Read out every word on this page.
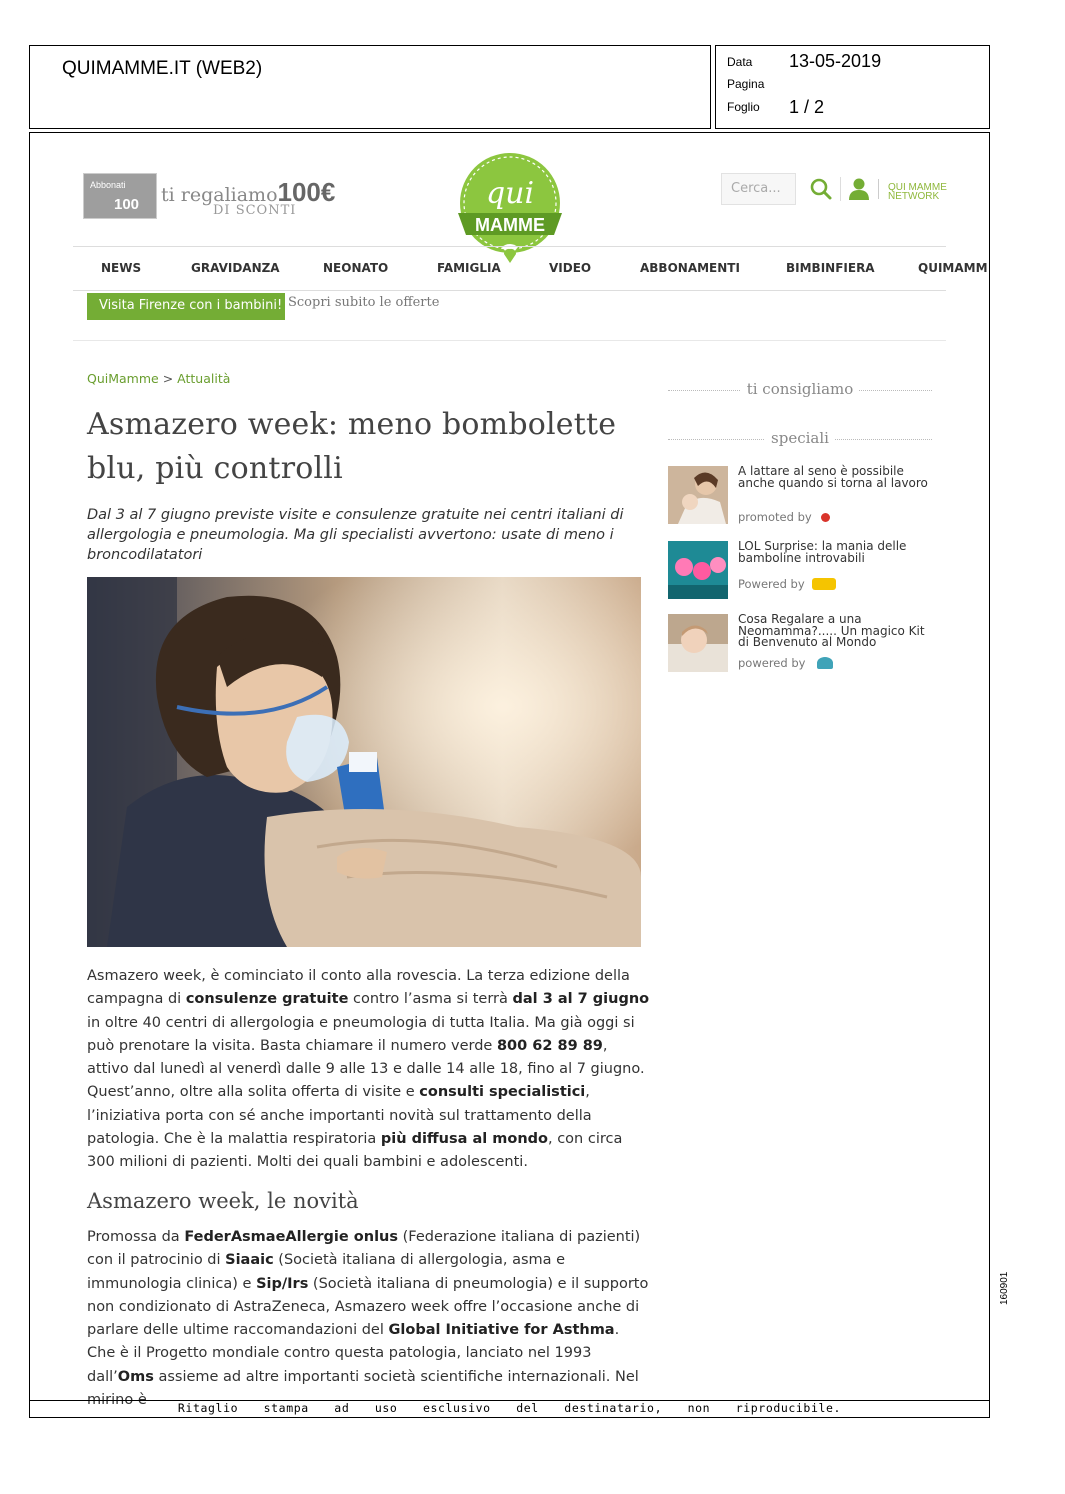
QUIMAMME.IT (WEB2)	Data 13-05-2019
Pagina
Foglio 1 / 2
160901
Abbonati
100 ti regaliamo100€
DI SCONTI	qui
MAMME
Cerca...	QUI MAMME
NETWORK
NEWS	GRAVIDANZA	NEONATO	FAMIGLIA	VIDEO	ABBONAMENTI	BIMBINFIERA	QUIMAMM
Visita Firenze con i bambini! Scopri subito le offerte
QuiMamme > Attualità
Asmazero week: meno bombolette blu, più controlli

Dal 3 al 7 giugno previste visite e consulenze gratuite nei centri italiani di allergologia e pneumologia. Ma gli specialisti avvertono: usate di meno i broncodilatatori

Asmazero week, è cominciato il conto alla rovescia. La terza edizione della campagna di consulenze gratuite contro l’asma si terrà dal 3 al 7 giugno in oltre 40 centri di allergologia e pneumologia di tutta Italia. Ma già oggi si può prenotare la visita. Basta chiamare il numero verde 800 62 89 89, attivo dal lunedì al venerdì dalle 9 alle 13 e dalle 14 alle 18, fino al 7 giugno. Quest’anno, oltre alla solita offerta di visite e consulti specialistici, l’iniziativa porta con sé anche importanti novità sul trattamento della patologia. Che è la malattia respiratoria più diffusa al mondo, con circa 300 milioni di pazienti. Molti dei quali bambini e adolescenti.

Asmazero week, le novità

Promossa da FederAsmaeAllergie onlus (Federazione italiana di pazienti) con il patrocinio di Siaaic (Società italiana di allergologia, asma e immunologia clinica) e Sip/Irs (Società italiana di pneumologia) e il supporto non condizionato di AstraZeneca, Asmazero week offre l’occasione anche di parlare delle ultime raccomandazioni del Global Initiative for Asthma. Che è il Progetto mondiale contro questa patologia, lanciato nel 1993 dall’Oms assieme ad altre importanti società scientifiche internazionali. Nel mirino è

ti consigliamo
speciali
A lattare al seno è possibile anche quando si torna al lavoro
promoted by
LOL Surprise: la mania delle bamboline introvabili
Powered by
Cosa Regalare a una Neomamma?..... Un magico Kit di Benvenuto al Mondo
powered by
Ritaglio stampa ad uso esclusivo del destinatario, non riproducibile.
